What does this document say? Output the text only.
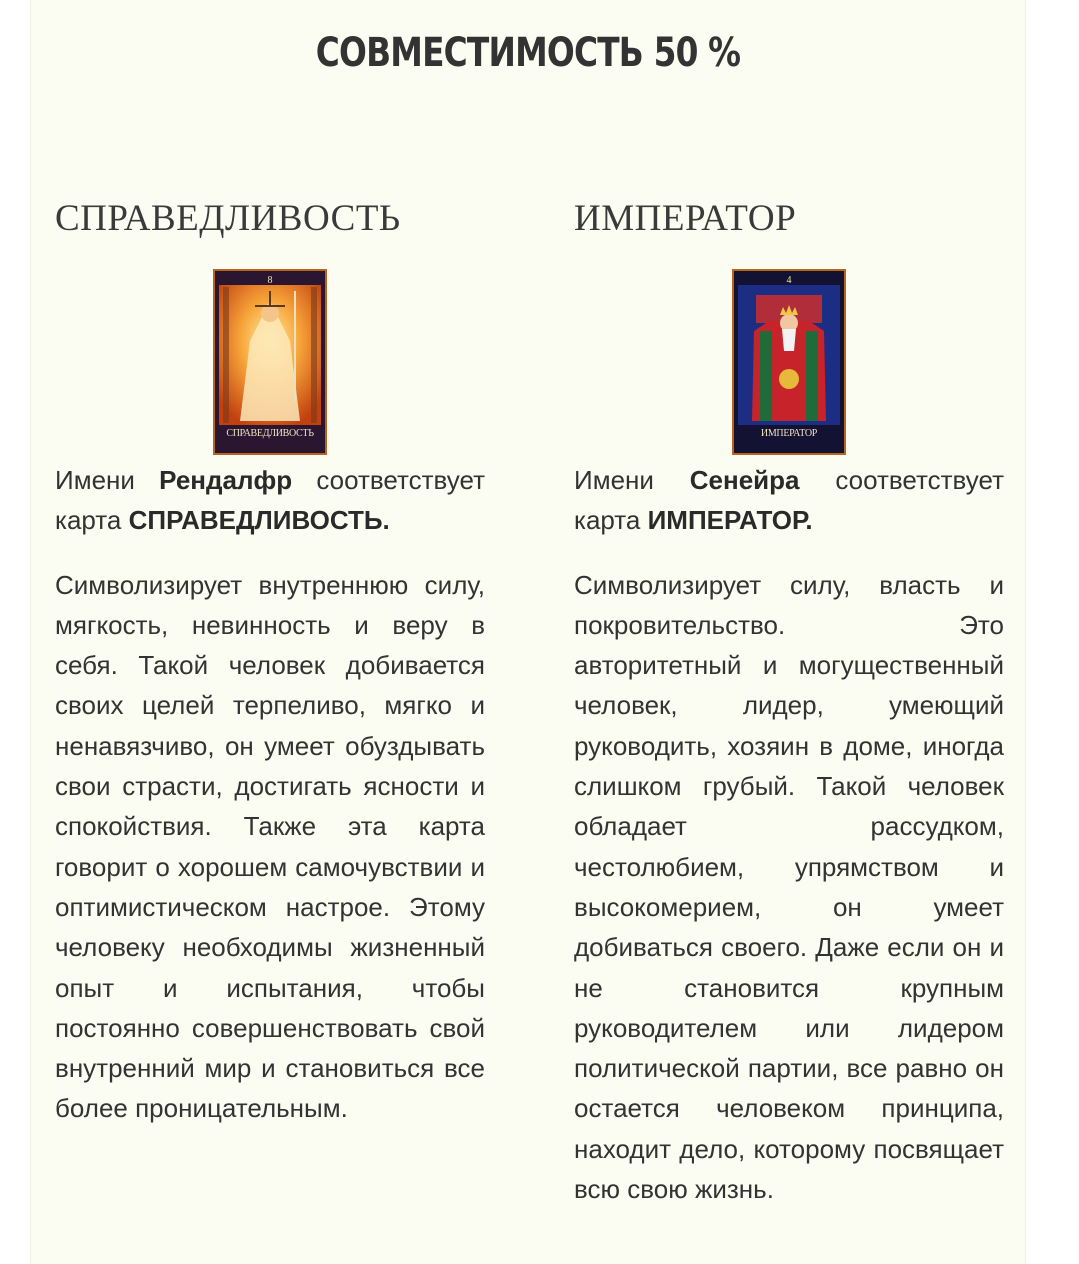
СОВМЕСТИМОСТЬ 50 %
СПРАВЕДЛИВОСТЬ
8
СПРАВЕДЛИВОСТЬ

Имени Рендалфр соответствует карта СПРАВЕДЛИВОСТЬ.

Символизирует внутреннюю силу, мягкость, невинность и веру в себя. Такой человек добивается своих целей терпеливо, мягко и ненавязчиво, он умеет обуздывать свои страсти, достигать ясности и спокойствия. Также эта карта говорит о хорошем самочувствии и оптимистическом настрое. Этому человеку необходимы жизненный опыт и испытания, чтобы постоянно совершенствовать свой внутренний мир и становиться все более проницательным.

ИМПЕРАТОР
4
ИМПЕРАТОР

Имени Сенейра соответствует карта ИМПЕРАТОР.

Символизирует силу, власть и покровительство. Это авторитетный и могущественный человек, лидер, умеющий руководить, хозяин в доме, иногда слишком грубый. Такой человек обладает рассудком, честолюбием, упрямством и высокомерием, он умеет добиваться своего. Даже если он и не становится крупным руководителем или лидером политической партии, все равно он остается человеком принципа, находит дело, которому посвящает всю свою жизнь.
